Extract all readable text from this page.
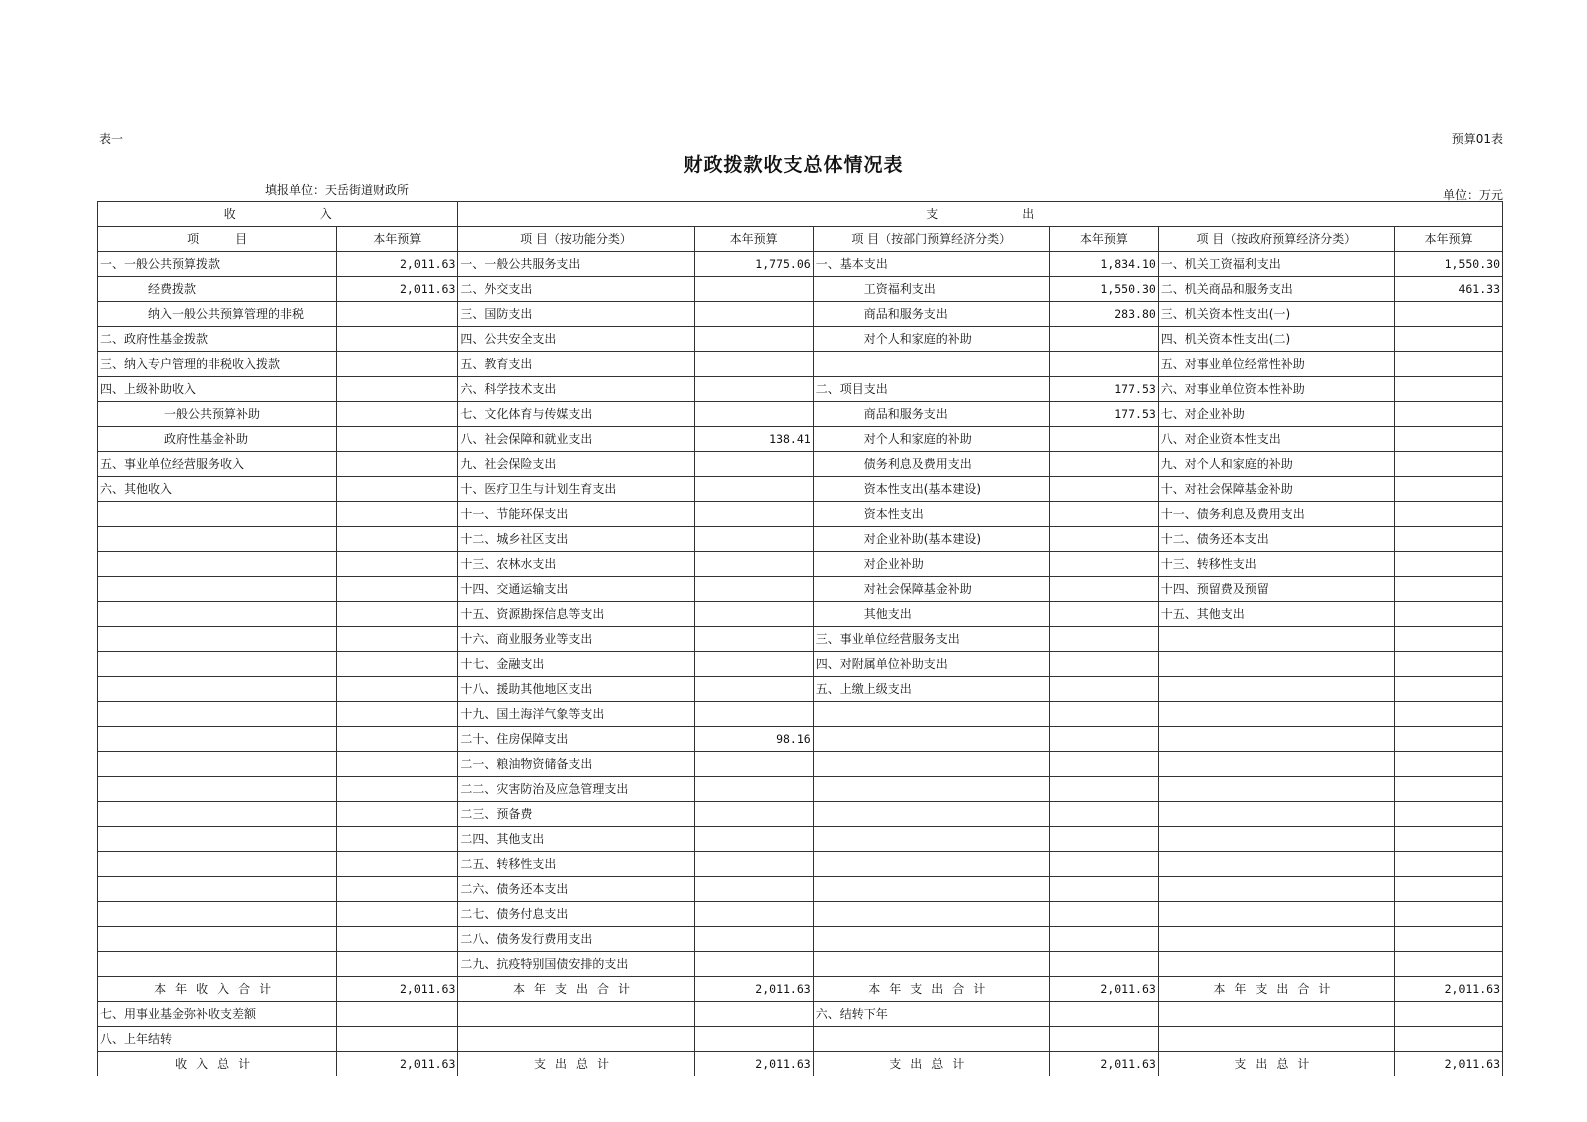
表一	预算01表
财政拨款收支总体情况表
填报单位：天岳街道财政所	单位：万元
收　　　　　　　入		支　　　　　　　出					
项　　　目	本年预算	项 目（按功能分类）	本年预算	项 目（按部门预算经济分类）	本年预算	项 目（按政府预算经济分类）	本年预算
一、一般公共预算拨款	2,011.63	一、一般公共服务支出	1,775.06	一、基本支出	1,834.10	一、机关工资福利支出	1,550.30
经费拨款	2,011.63	二、外交支出		工资福利支出	1,550.30	二、机关商品和服务支出	461.33
纳入一般公共预算管理的非税		三、国防支出		商品和服务支出	283.80	三、机关资本性支出(一)	
二、政府性基金拨款		四、公共安全支出		对个人和家庭的补助		四、机关资本性支出(二)	
三、纳入专户管理的非税收入拨款		五、教育支出				五、对事业单位经常性补助	
四、上级补助收入		六、科学技术支出		二、项目支出	177.53	六、对事业单位资本性补助	
一般公共预算补助		七、文化体育与传媒支出		商品和服务支出	177.53	七、对企业补助	
政府性基金补助		八、社会保障和就业支出	138.41	对个人和家庭的补助		八、对企业资本性支出	
五、事业单位经营服务收入		九、社会保险支出		债务利息及费用支出		九、对个人和家庭的补助	
六、其他收入		十、医疗卫生与计划生育支出		资本性支出(基本建设)		十、对社会保障基金补助	
		十一、节能环保支出		资本性支出		十一、债务利息及费用支出	
		十二、城乡社区支出		对企业补助(基本建设)		十二、债务还本支出	
		十三、农林水支出		对企业补助		十三、转移性支出	
		十四、交通运输支出		对社会保障基金补助		十四、预留费及预留	
		十五、资源勘探信息等支出		其他支出		十五、其他支出	
		十六、商业服务业等支出		三、事业单位经营服务支出			
		十七、金融支出		四、对附属单位补助支出			
		十八、援助其他地区支出		五、上缴上级支出			
		十九、国土海洋气象等支出					
		二十、住房保障支出	98.16				
		二一、粮油物资储备支出					
		二二、灾害防治及应急管理支出					
		二三、预备费					
		二四、其他支出					
		二五、转移性支出					
		二六、债务还本支出					
		二七、债务付息支出					
		二八、债务发行费用支出					
		二九、抗疫特别国债安排的支出					
本年收入合计	2,011.63	本年支出合计	2,011.63	本年支出合计	2,011.63	本年支出合计	2,011.63
七、用事业基金弥补收支差额				六、结转下年			
八、上年结转							
收入总计	2,011.63	支出总计	2,011.63	支出总计	2,011.63	支出总计	2,011.63
